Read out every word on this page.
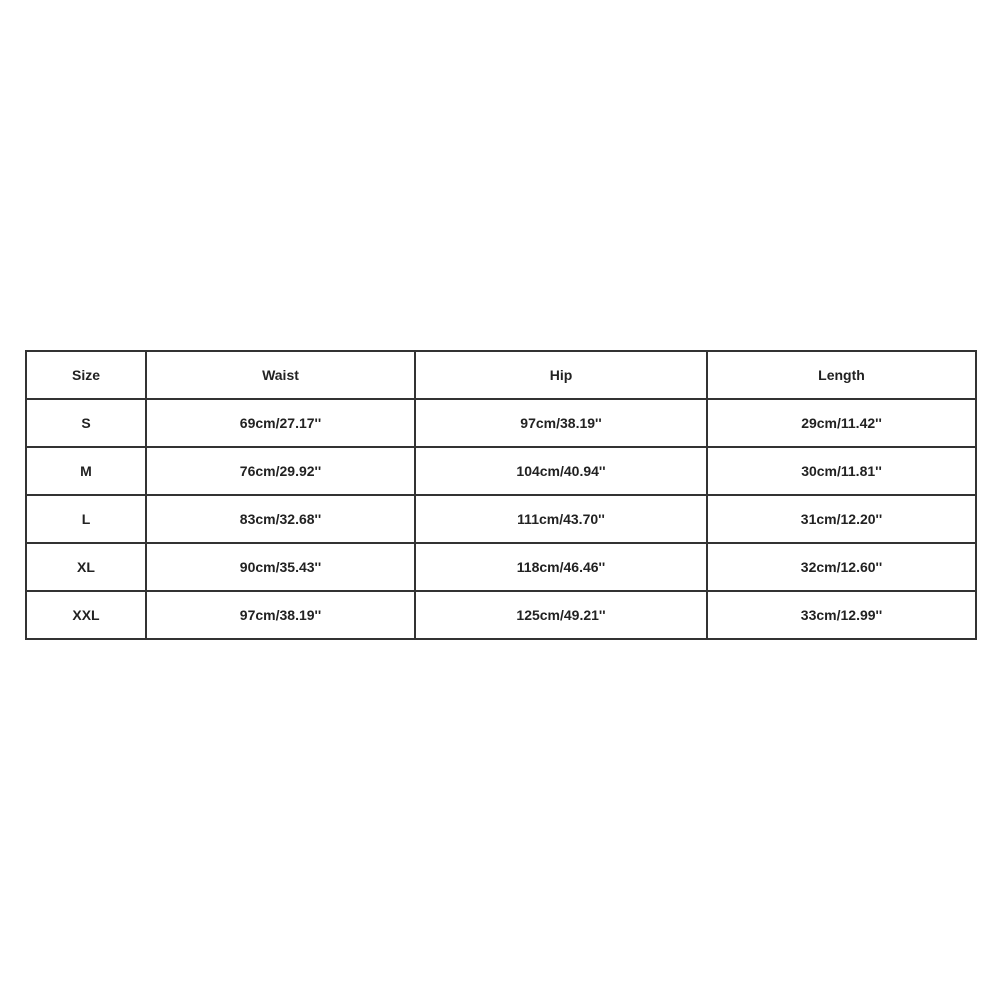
Size	Waist	Hip	Length
S	69cm/27.17''	97cm/38.19''	29cm/11.42''
M	76cm/29.92''	104cm/40.94''	30cm/11.81''
L	83cm/32.68''	111cm/43.70''	31cm/12.20''
XL	90cm/35.43''	118cm/46.46''	32cm/12.60''
XXL	97cm/38.19''	125cm/49.21''	33cm/12.99''
